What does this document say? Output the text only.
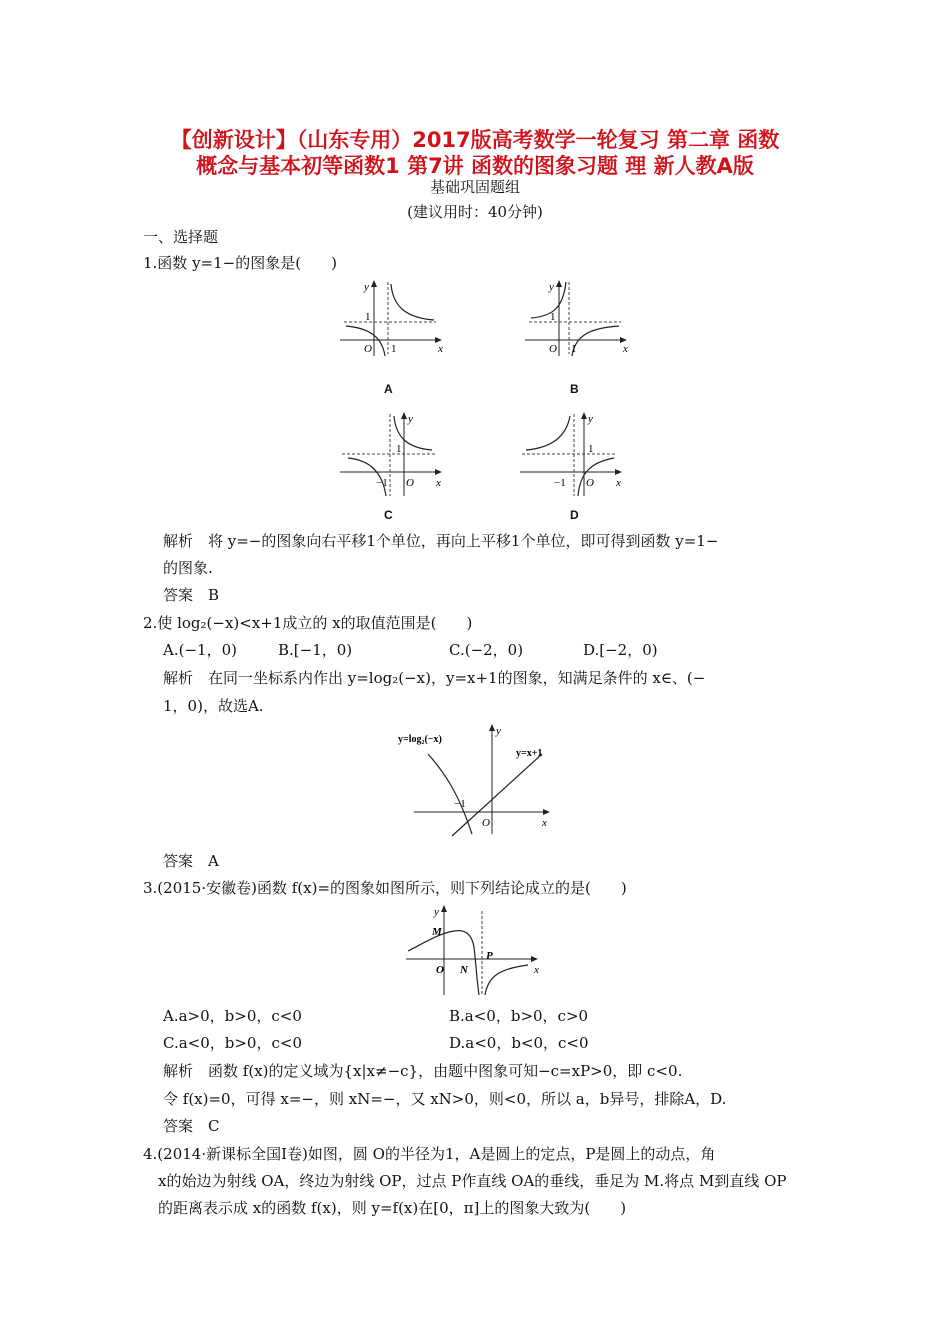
【创新设计】（山东专用）2017版高考数学一轮复习 第二章 函数
概念与基本初等函数1 第7讲 函数的图象习题 理 新人教A版
基础巩固题组
(建议用时：40分钟)
一、选择题
1.函数 y=1−的图象是(　　)
y
x
1
O 1
A
y
x
1
O 1
B
y
x
1
O
−1
C
y
x
1
O
−1
D
解析　将 y=−的图象向右平移1个单位，再向上平移1个单位，即可得到函数 y=1−
的图象.
答案　B
2.使 log₂(−x)<x+1成立的 x的取值范围是(　　)
A.(−1，0)	B.[−1，0)	C.(−2，0)	D.[−2，0)
解析　在同一坐标系内作出 y=log₂(−x)，y=x+1的图象，知满足条件的 x∈、(−
1，0)，故选A.
y=log₂(−x)
y=x+1
−1
O	x
y
答案　A
3.(2015·安徽卷)函数 f(x)=的图象如图所示，则下列结论成立的是(　　)
M
O N
P
x
y
A.a>0，b>0，c<0	B.a<0，b>0，c>0
C.a<0，b>0，c<0	D.a<0，b<0，c<0
解析　函数 f(x)的定义域为{x|x≠−c}，由题中图象可知−c=xP>0，即 c<0.
令 f(x)=0，可得 x=−，则 xN=−，又 xN>0，则<0，所以 a，b异号，排除A，D.
答案　C
4.(2014·新课标全国Ⅰ卷)如图，圆 O的半径为1，A是圆上的定点，P是圆上的动点，角
x的始边为射线 OA，终边为射线 OP，过点 P作直线 OA的垂线，垂足为 M.将点 M到直线 OP
的距离表示成 x的函数 f(x)，则 y=f(x)在[0，π]上的图象大致为(　　)
